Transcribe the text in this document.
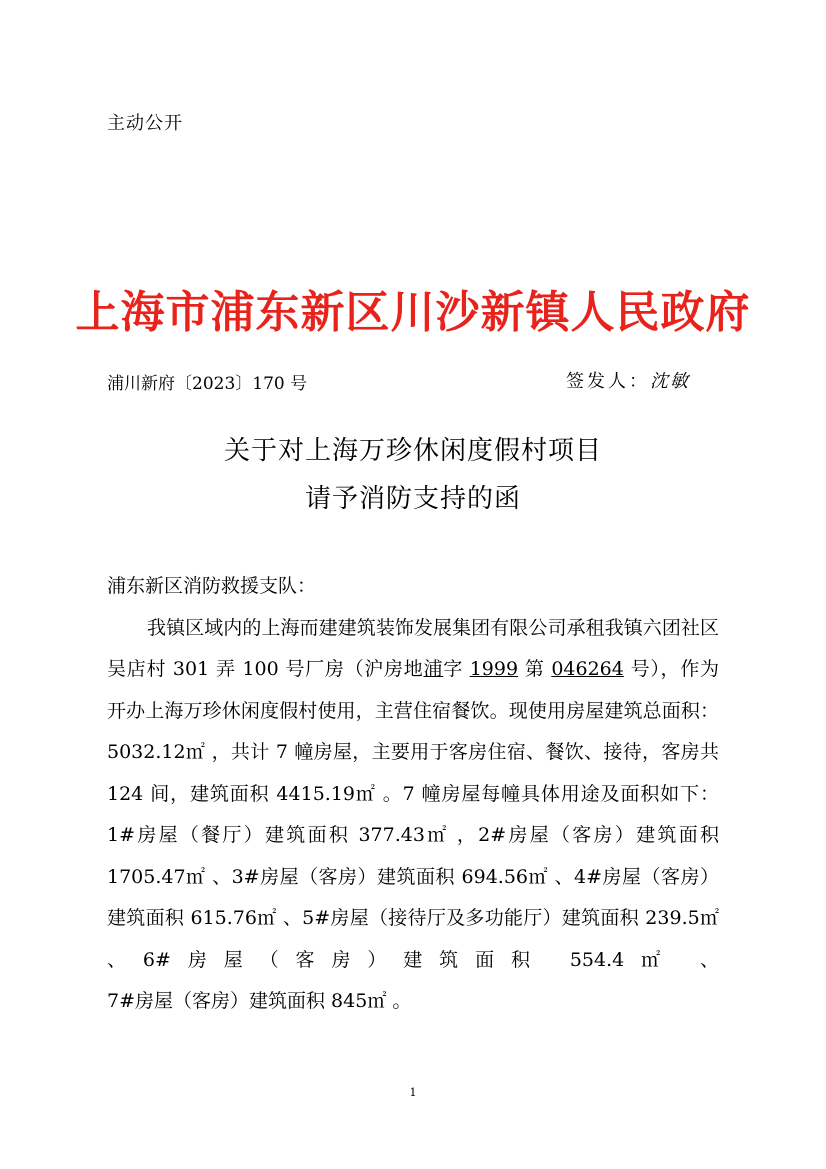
主动公开
上海市浦东新区川沙新镇人民政府
浦川新府〔2023〕170 号	签发人：沈敏
关于对上海万珍休闲度假村项目
请予消防支持的函

浦东新区消防救援支队：

我镇区域内的上海而建建筑装饰发展集团有限公司承租我镇六团社区吴店村 301 弄 100 号厂房（沪房地浦字 1999 第 046264 号），作为开办上海万珍休闲度假村使用，主营住宿餐饮。现使用房屋建筑总面积：5032.12㎡ ，共计 7 幢房屋，主要用于客房住宿、餐饮、接待，客房共 124 间，建筑面积 4415.19㎡ 。7 幢房屋每幢具体用途及面积如下：1#房屋（餐厅）建筑面积 377.43㎡ ，2#房屋（客房）建筑面积 1705.47㎡ 、3#房屋（客房）建筑面积 694.56㎡ 、4#房屋（客房）建筑面积 615.76㎡ 、5#房屋（接待厅及多功能厅）建筑面积 239.5㎡ 、6#房屋（客房）建筑面积 554.4㎡ 、

7#房屋（客房）建筑面积 845㎡ 。

1
